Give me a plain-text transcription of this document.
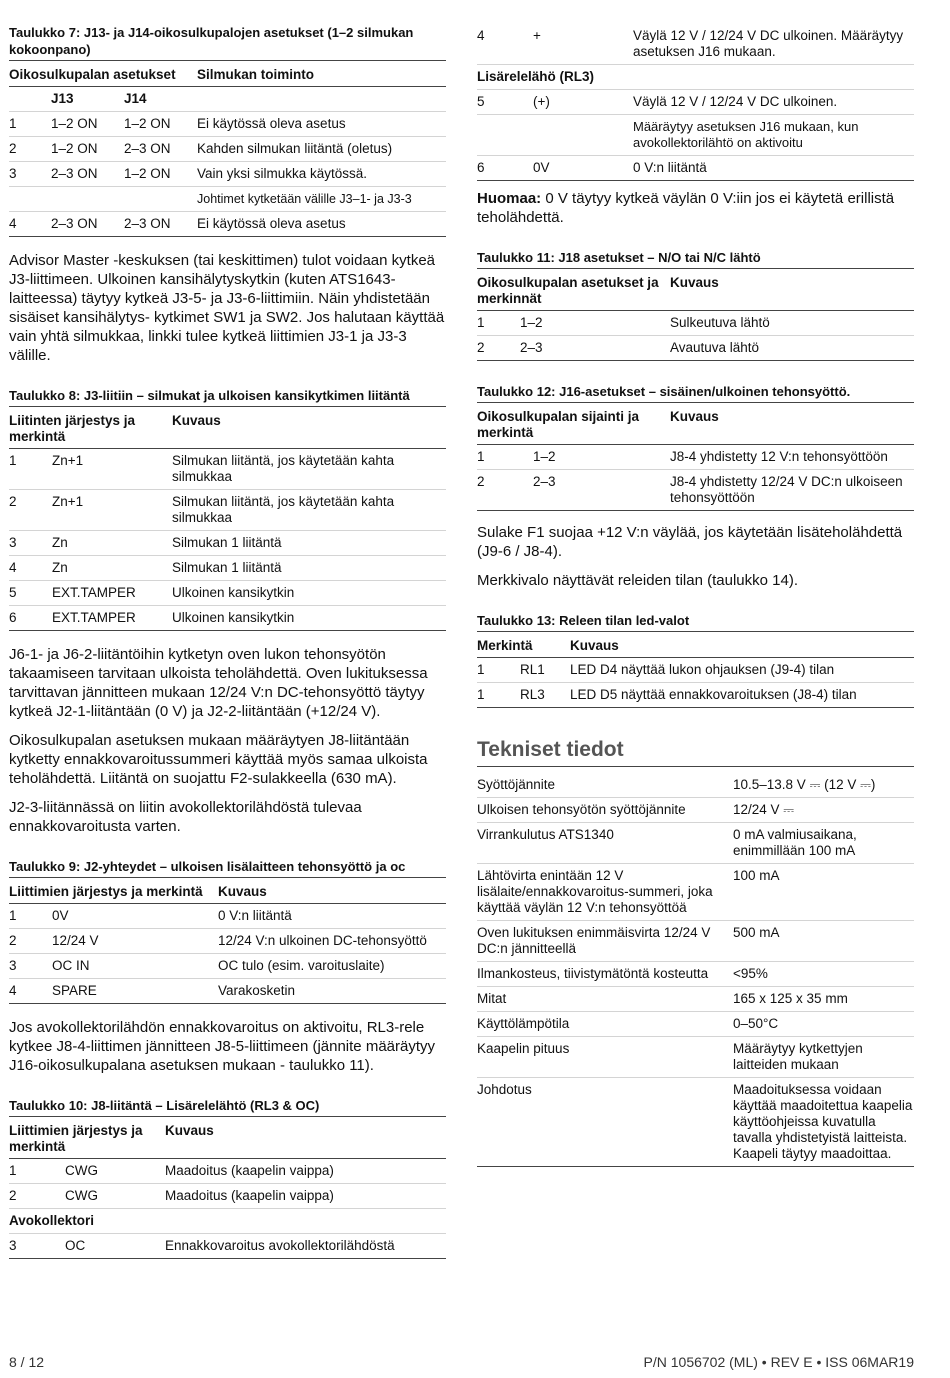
Taulukko 7: J13- ja J14-oikosulkupalojen asetukset (1–2 silmukan kokoonpano)
Oikosulkupalan asetukset			Silmukan toiminto
	J13	J14	
1	1–2 ON	1–2 ON	Ei käytössä oleva asetus
2	1–2 ON	2–3 ON	Kahden silmukan liitäntä (oletus)
3	2–3 ON	1–2 ON	Vain yksi silmukka käytössä.
			Johtimet kytketään välille J3–1- ja J3-3
4	2–3 ON	2–3 ON	Ei käytössä oleva asetus

Advisor Master -keskuksen (tai keskittimen) tulot voidaan kytkeä J3-liittimeen. Ulkoinen kansihälytyskytkin (kuten ATS1643-laitteessa) täytyy kytkeä J3-5- ja J3-6-liittimiin. Näin yhdistetään sisäiset kansihälytys- kytkimet SW1 ja SW2. Jos halutaan käyttää vain yhtä silmukkaa, linkki tulee kytkeä liittimien J3-1 ja J3-3 välille.

Taulukko 8: J3-liitiin – silmukat ja ulkoisen kansikytkimen liitäntä
Liitinten järjestys ja merkintä		Kuvaus
1	Zn+1	Silmukan liitäntä, jos käytetään kahta silmukkaa
2	Zn+1	Silmukan liitäntä, jos käytetään kahta silmukkaa
3	Zn	Silmukan 1 liitäntä
4	Zn	Silmukan 1 liitäntä
5	EXT.TAMPER	Ulkoinen kansikytkin
6	EXT.TAMPER	Ulkoinen kansikytkin

J6-1- ja J6-2-liitäntöihin kytketyn oven lukon tehonsyötön takaamiseen tarvitaan ulkoista teholähdettä. Oven lukituksessa tarvittavan jännitteen mukaan 12/24 V:n DC-tehonsyöttö täytyy kytkeä J2-1-liitäntään (0 V) ja J2-2-liitäntään (+12/24 V).

Oikosulkupalan asetuksen mukaan määräytyen J8-liitäntään kytketty ennakkovaroitussummeri käyttää myös samaa ulkoista teholähdettä. Liitäntä on suojattu F2-sulakkeella (630 mA).

J2-3-liitännässä on liitin avokollektorilähdöstä tulevaa ennakkovaroitusta varten.

Taulukko 9: J2-yhteydet – ulkoisen lisälaitteen tehonsyöttö ja oc
Liittimien järjestys ja merkintä		Kuvaus
1	0V	0 V:n liitäntä
2	12/24 V	12/24 V:n ulkoinen DC-tehonsyöttö
3	OC IN	OC tulo (esim. varoituslaite)
4	SPARE	Varakosketin

Jos avokollektorilähdön ennakkovaroitus on aktivoitu, RL3-rele kytkee J8-4-liittimen jännitteen J8-5-liittimeen (jännite määräytyy J16-oikosulkupalana asetuksen mukaan - taulukko 11).

Taulukko 10: J8-liitäntä – Lisärelelähtö (RL3 & OC)
Liittimien järjestys ja merkintä		Kuvaus
1	CWG	Maadoitus (kaapelin vaippa)
2	CWG	Maadoitus (kaapelin vaippa)
Avokollektori		
3	OC	Ennakkovaroitus avokollektorilähdöstä
4	+	Väylä 12 V / 12/24 V DC ulkoinen. Määräytyy asetuksen J16 mukaan.
Lisärelelähö (RL3)		
5	(+)	Väylä 12 V / 12/24 V DC ulkoinen.
		Määräytyy asetuksen J16 mukaan, kun avokollektorilähtö on aktivoitu
6	0V	0 V:n liitäntä

Huomaa: 0 V täytyy kytkeä väylän 0 V:iin jos ei käytetä erillistä teholähdettä.

Taulukko 11: J18 asetukset – N/O tai N/C lähtö
Oikosulkupalan asetukset ja merkinnät		Kuvaus
1	1–2	Sulkeutuva lähtö
2	2–3	Avautuva lähtö
Taulukko 12: J16-asetukset – sisäinen/ulkoinen tehonsyöttö.
Oikosulkupalan sijainti ja merkintä		Kuvaus
1	1–2	J8-4 yhdistetty 12 V:n tehonsyöttöön
2	2–3	J8-4 yhdistetty 12/24 V DC:n ulkoiseen tehonsyöttöön

Sulake F1 suojaa +12 V:n väylää, jos käytetään lisäteholähdettä (J9-6 / J8-4).

Merkkivalo näyttävät releiden tilan (taulukko 14).

Taulukko 13: Releen tilan led-valot
Merkintä		Kuvaus
1	RL1	LED D4 näyttää lukon ohjauksen (J9-4) tilan
1	RL3	LED D5 näyttää ennakkovaroituksen (J8-4) tilan
Tekniset tiedot
Syöttöjännite	10.5–13.8 V ⎓ (12 V ⎓)
Ulkoisen tehonsyötön syöttöjännite	12/24 V ⎓
Virrankulutus ATS1340	0 mA valmiusaikana, enimmillään 100 mA
Lähtövirta enintään 12 V lisälaite/ennakkovaroitus-summeri, joka käyttää väylän 12 V:n tehonsyöttöä	100 mA
Oven lukituksen enimmäisvirta 12/24 V DC:n jännitteellä	500 mA
Ilmankosteus, tiivistymätöntä kosteutta	<95%
Mitat	165 x 125 x 35 mm
Käyttölämpötila	0–50°C
Kaapelin pituus	Määräytyy kytkettyjen laitteiden mukaan
Johdotus	Maadoituksessa voidaan käyttää maadoitettua kaapelia käyttöohjeissa kuvatulla tavalla yhdistetyistä laitteista. Kaapeli täytyy maadoittaa.
8 / 12	P/N 1056702 (ML) • REV E • ISS 06MAR19
